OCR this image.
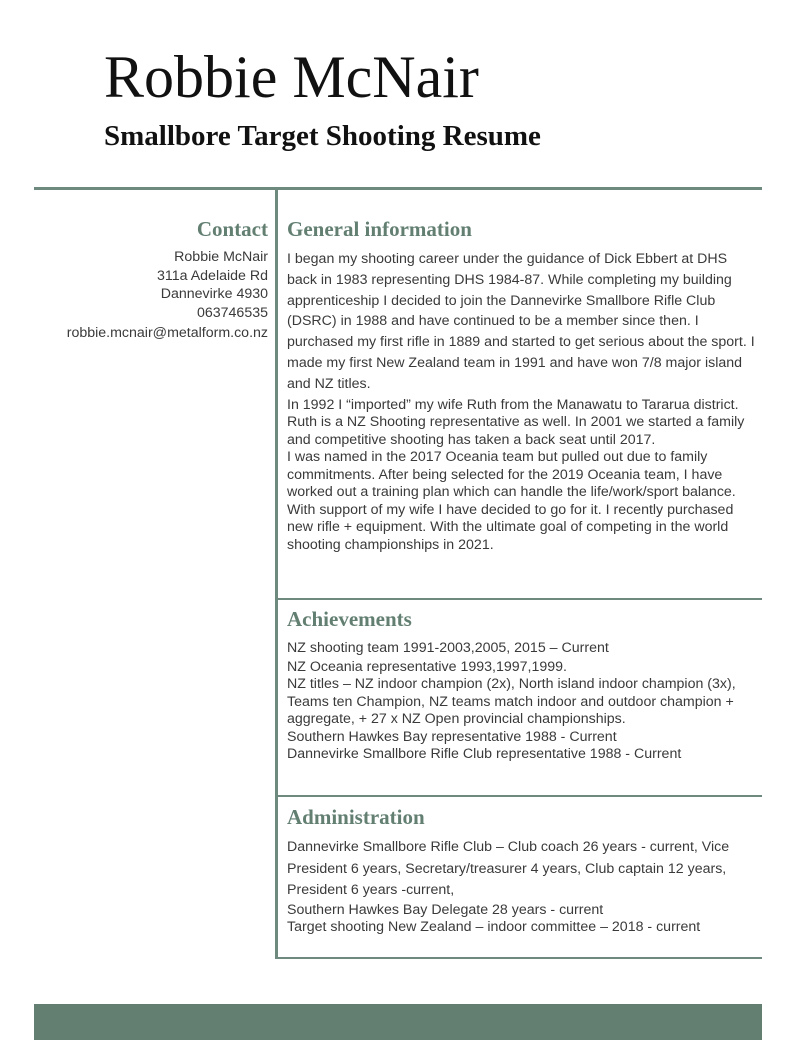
Robbie McNair
Smallbore Target Shooting Resume
Contact
Robbie McNair
311a Adelaide Rd
Dannevirke 4930
063746535
robbie.mcnair@metalform.co.nz
General information

I began my shooting career under the guidance of Dick Ebbert at DHS back in 1983 representing DHS 1984-87. While completing my building apprenticeship I decided to join the Dannevirke Smallbore Rifle Club (DSRC) in 1988 and have continued to be a member since then. I purchased my first rifle in 1889 and started to get serious about the sport. I made my first New Zealand team in 1991 and have won 7/8 major island and NZ titles.

In 1992 I “imported” my wife Ruth from the Manawatu to Tararua district. Ruth is a NZ Shooting representative as well. In 2001 we started a family and competitive shooting has taken a back seat until 2017.

I was named in the 2017 Oceania team but pulled out due to family commitments. After being selected for the 2019 Oceania team, I have worked out a training plan which can handle the life/work/sport balance. With support of my wife I have decided to go for it. I recently purchased new rifle + equipment. With the ultimate goal of competing in the world shooting championships in 2021.

Achievements

NZ shooting team 1991-2003,2005, 2015 – Current

NZ Oceania representative 1993,1997,1999.

NZ titles – NZ indoor champion (2x), North island indoor champion (3x), Teams ten Champion, NZ teams match indoor and outdoor champion + aggregate, + 27 x NZ Open provincial championships.

Southern Hawkes Bay representative 1988 - Current

Dannevirke Smallbore Rifle Club representative 1988 - Current

Administration

Dannevirke Smallbore Rifle Club – Club coach 26 years - current, Vice President 6 years, Secretary/treasurer 4 years, Club captain 12 years, President 6 years -current,

Southern Hawkes Bay Delegate 28 years - current

Target shooting New Zealand – indoor committee – 2018 - current
